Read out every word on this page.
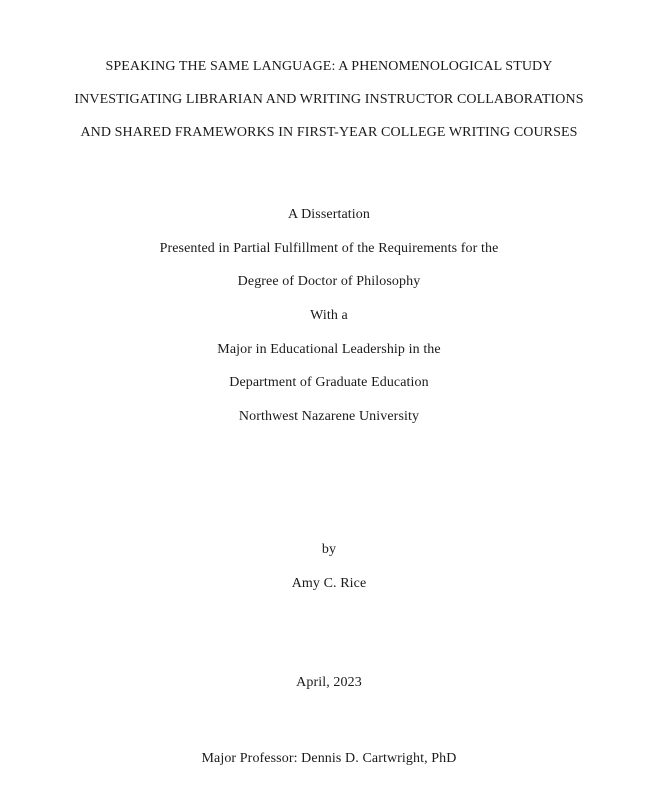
SPEAKING THE SAME LANGUAGE: A PHENOMENOLOGICAL STUDY
INVESTIGATING LIBRARIAN AND WRITING INSTRUCTOR COLLABORATIONS
AND SHARED FRAMEWORKS IN FIRST-YEAR COLLEGE WRITING COURSES
A Dissertation
Presented in Partial Fulfillment of the Requirements for the
Degree of Doctor of Philosophy
With a
Major in Educational Leadership in the
Department of Graduate Education
Northwest Nazarene University
by
Amy C. Rice
April, 2023
Major Professor: Dennis D. Cartwright, PhD
